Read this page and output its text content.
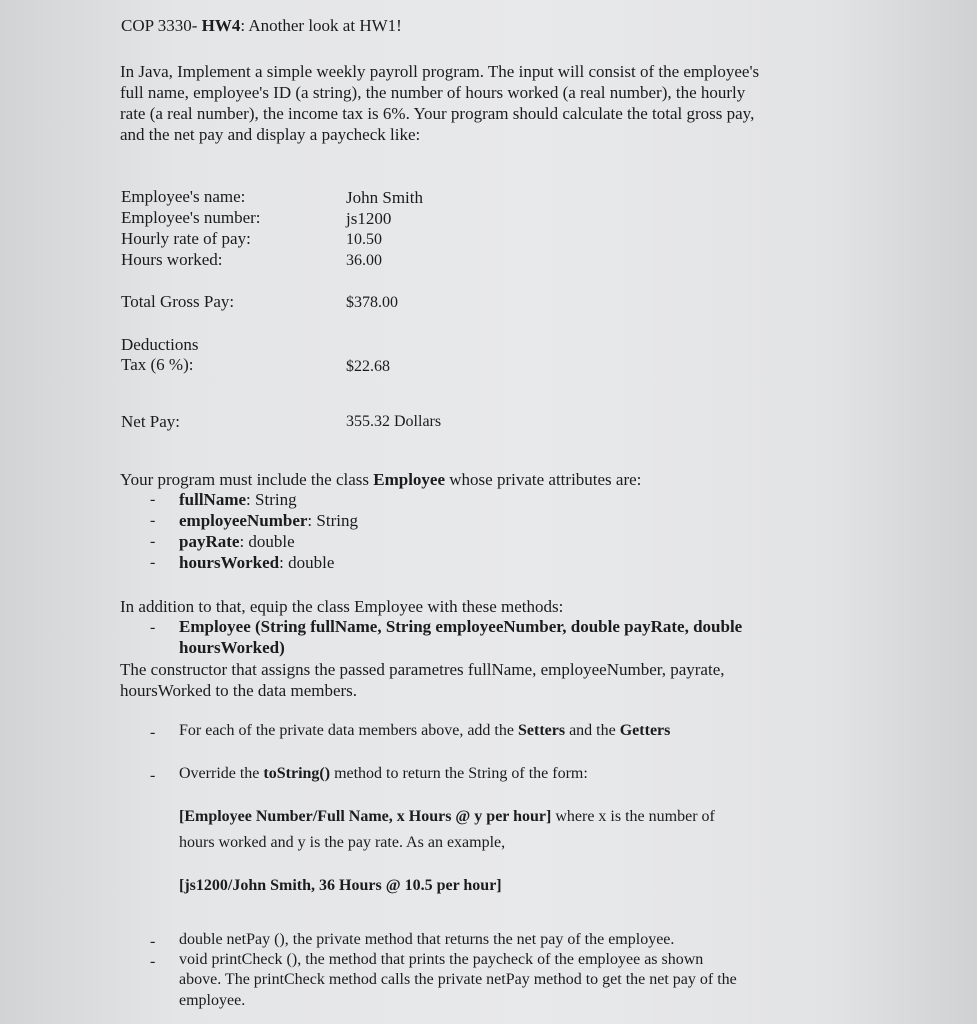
COP 3330- HW4: Another look at HW1!
In Java, Implement a simple weekly payroll program. The input will consist of the employee's
full name, employee's ID (a string), the number of hours worked (a real number), the hourly
rate (a real number), the income tax is 6%. Your program should calculate the total gross pay,
and the net pay and display a paycheck like:
Employee's name:	John Smith
Employee's number:	js1200
Hourly rate of pay:	10.50
Hours worked:	36.00
Total Gross Pay:	$378.00
Deductions
Tax (6 %):	$22.68
Net Pay:	355.32 Dollars
Your program must include the class Employee whose private attributes are:
- fullName: String
- employeeNumber: String
- payRate: double
- hoursWorked: double
In addition to that, equip the class Employee with these methods:
- Employee (String fullName, String employeeNumber, double payRate, double
hoursWorked)
The constructor that assigns the passed parametres fullName, employeeNumber, payrate,
hoursWorked to the data members.
- For each of the private data members above, add the Setters and the Getters
- Override the toString() method to return the String of the form:
[Employee Number/Full Name, x Hours @ y per hour] where x is the number of
hours worked and y is the pay rate. As an example,
[js1200/John Smith, 36 Hours @ 10.5 per hour]
- double netPay (), the private method that returns the net pay of the employee.
- void printCheck (), the method that prints the paycheck of the employee as shown
above. The printCheck method calls the private netPay method to get the net pay of the
employee.
